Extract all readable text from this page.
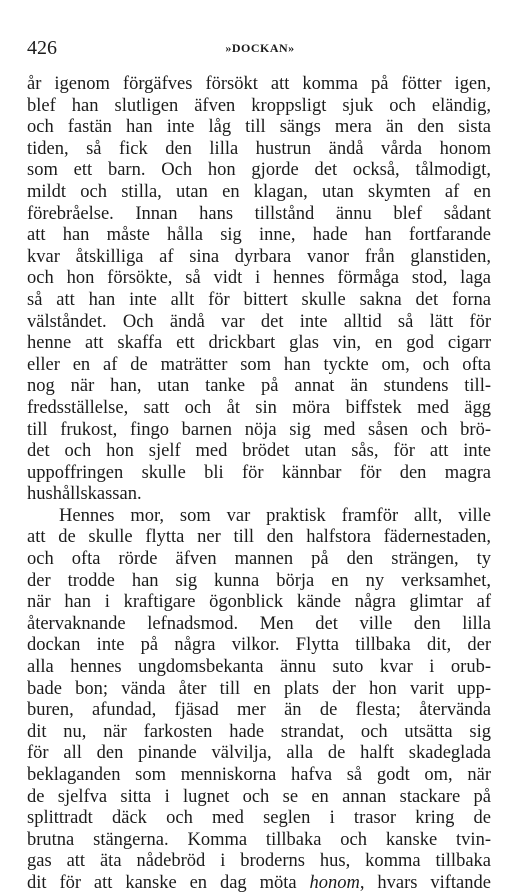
426	»DOCKAN»
år igenom förgäfves försökt att komma på fötter igen,
blef han slutligen äfven kroppsligt sjuk och eländig,
och fastän han inte låg till sängs mera än den sista
tiden, så fick den lilla hustrun ändå vårda honom
som ett barn. Och hon gjorde det också, tålmodigt,
mildt och stilla, utan en klagan, utan skymten af en
förebråelse. Innan hans tillstånd ännu blef sådant
att han måste hålla sig inne, hade han fortfarande
kvar åtskilliga af sina dyrbara vanor från glanstiden,
och hon försökte, så vidt i hennes förmåga stod, laga
så att han inte allt för bittert skulle sakna det forna
välståndet. Och ändå var det inte alltid så lätt för
henne att skaffa ett drickbart glas vin, en god cigarr
eller en af de maträtter som han tyckte om, och ofta
nog när han, utan tanke på annat än stundens till-
fredsställelse, satt och åt sin möra biffstek med ägg
till frukost, fingo barnen nöja sig med såsen och brö-
det och hon sjelf med brödet utan sås, för att inte
uppoffringen skulle bli för kännbar för den magra
hushållskassan.
Hennes mor, som var praktisk framför allt, ville
att de skulle flytta ner till den halfstora fädernestaden,
och ofta rörde äfven mannen på den strängen, ty
der trodde han sig kunna börja en ny verksamhet,
när han i kraftigare ögonblick kände några glimtar af
återvaknande lefnadsmod. Men det ville den lilla
dockan inte på några vilkor. Flytta tillbaka dit, der
alla hennes ungdomsbekanta ännu suto kvar i orub-
bade bon; vända åter till en plats der hon varit upp-
buren, afundad, fjäsad mer än de flesta; återvända
dit nu, när farkosten hade strandat, och utsätta sig
för all den pinande välvilja, alla de halft skadeglada
beklaganden som menniskorna hafva så godt om, när
de sjelfva sitta i lugnet och se en annan stackare på
splittradt däck och med seglen i trasor kring de
brutna stängerna. Komma tillbaka och kanske tvin-
gas att äta nådebröd i broderns hus, komma tillbaka
dit för att kanske en dag möta honom, hvars viftande
